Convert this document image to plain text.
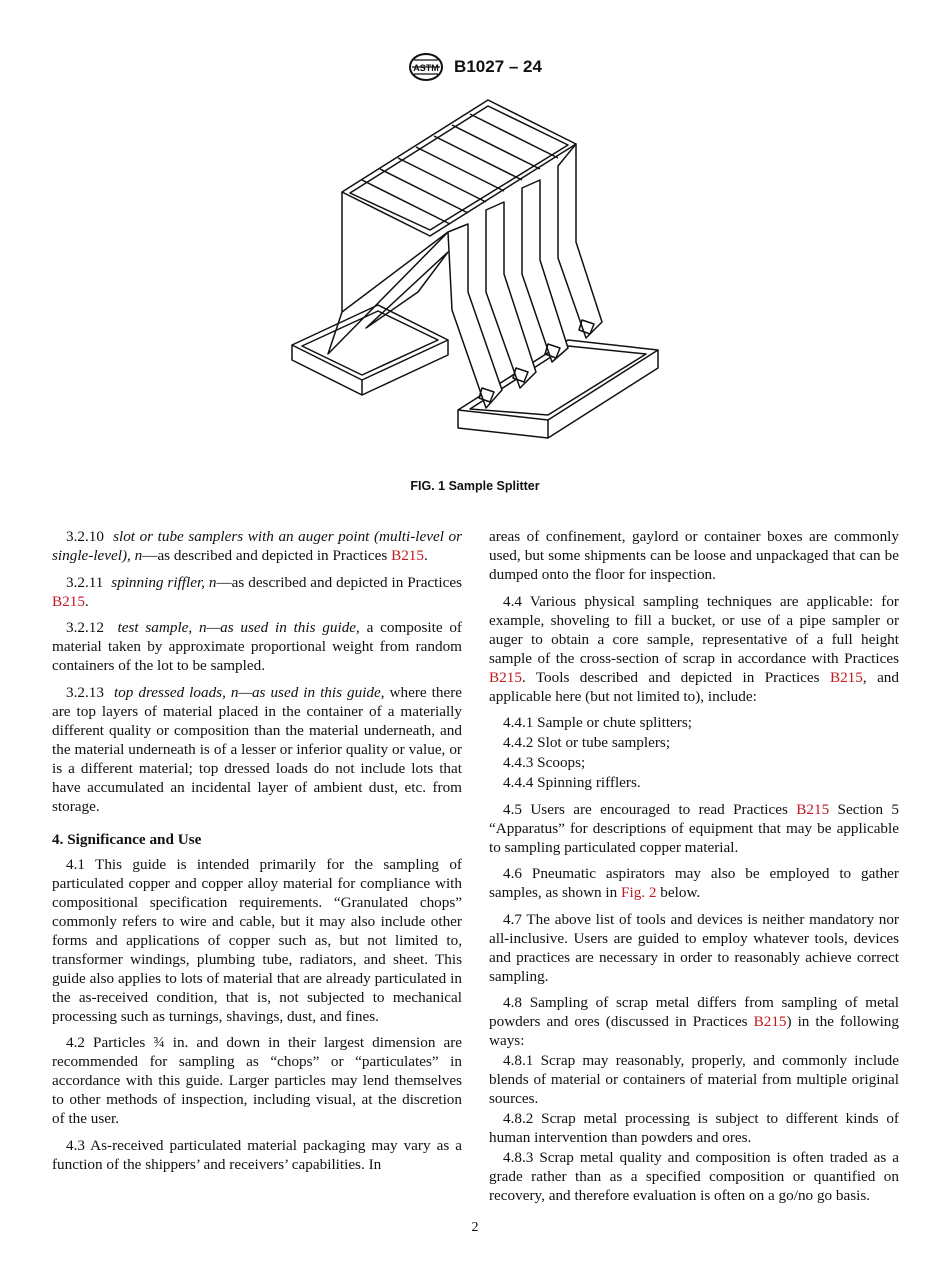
ASTM B1027 – 24
FIG. 1 Sample Splitter

3.2.10 slot or tube samplers with an auger point (multi-level or single-level), n—as described and depicted in Practices B215.

3.2.11 spinning riffler, n—as described and depicted in Practices B215.

3.2.12 test sample, n—as used in this guide, a composite of material taken by approximate proportional weight from random containers of the lot to be sampled.

3.2.13 top dressed loads, n—as used in this guide, where there are top layers of material placed in the container of a materially different quality or composition than the material underneath, and the material underneath is of a lesser or inferior quality or value, or is a different material; top dressed loads do not include lots that have accumulated an incidental layer of ambient dust, etc. from storage.

4. Significance and Use

4.1 This guide is intended primarily for the sampling of particulated copper and copper alloy material for compliance with compositional specification requirements. “Granulated chops” commonly refers to wire and cable, but it may also include other forms and applications of copper such as, but not limited to, transformer windings, plumbing tube, radiators, and sheet. This guide also applies to lots of material that are already particulated in the as-received condition, that is, not subjected to mechanical processing such as turnings, shavings, dust, and fines.

4.2 Particles ¾ in. and down in their largest dimension are recommended for sampling as “chops” or “particulates” in accordance with this guide. Larger particles may lend themselves to other methods of inspection, including visual, at the discretion of the user.

4.3 As-received particulated material packaging may vary as a function of the shippers’ and receivers’ capabilities. In

areas of confinement, gaylord or container boxes are commonly used, but some shipments can be loose and unpackaged that can be dumped onto the floor for inspection.

4.4 Various physical sampling techniques are applicable: for example, shoveling to fill a bucket, or use of a pipe sampler or auger to obtain a core sample, representative of a full height sample of the cross-section of scrap in accordance with Practices B215. Tools described and depicted in Practices B215, and applicable here (but not limited to), include:

4.4.1 Sample or chute splitters;

4.4.2 Slot or tube samplers;

4.4.3 Scoops;

4.4.4 Spinning rifflers.

4.5 Users are encouraged to read Practices B215 Section 5 “Apparatus” for descriptions of equipment that may be applicable to sampling particulated copper material.

4.6 Pneumatic aspirators may also be employed to gather samples, as shown in Fig. 2 below.

4.7 The above list of tools and devices is neither mandatory nor all-inclusive. Users are guided to employ whatever tools, devices and practices are necessary in order to reasonably achieve correct sampling.

4.8 Sampling of scrap metal differs from sampling of metal powders and ores (discussed in Practices B215) in the following ways:

4.8.1 Scrap may reasonably, properly, and commonly include blends of material or containers of material from multiple original sources.

4.8.2 Scrap metal processing is subject to different kinds of human intervention than powders and ores.

4.8.3 Scrap metal quality and composition is often traded as a grade rather than as a specified composition or quantified on recovery, and therefore evaluation is often on a go/no go basis.

2
